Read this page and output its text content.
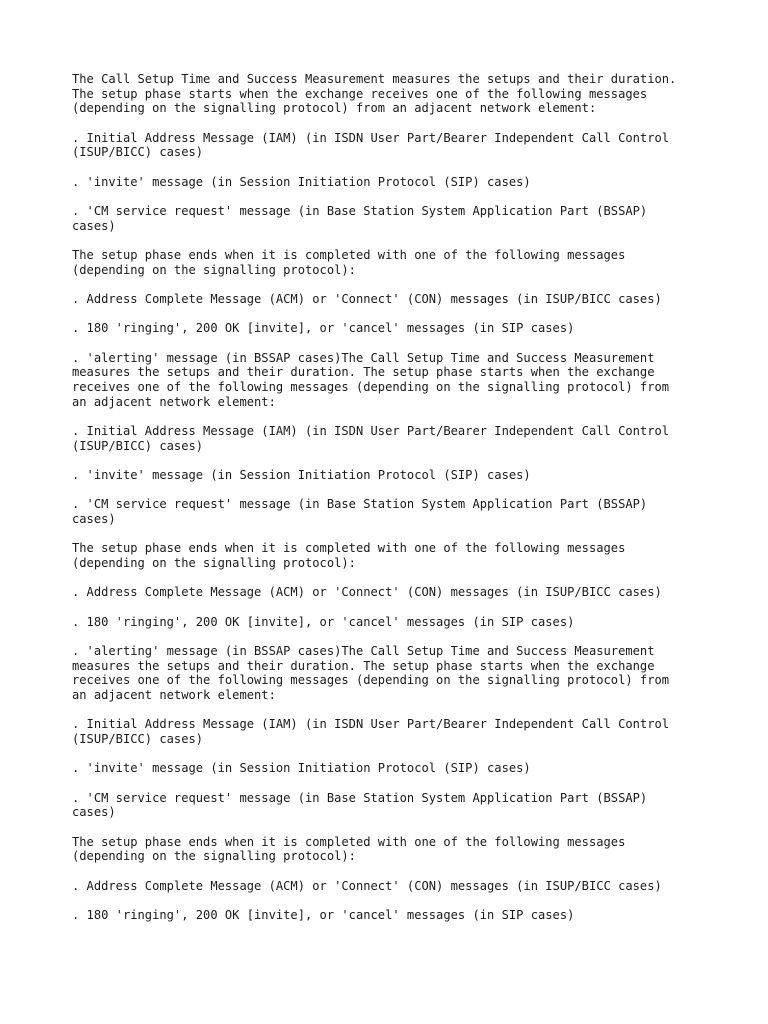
The Call Setup Time and Success Measurement measures the setups and their duration.
The setup phase starts when the exchange receives one of the following messages
(depending on the signalling protocol) from an adjacent network element:

. Initial Address Message (IAM) (in ISDN User Part/Bearer Independent Call Control
(ISUP/BICC) cases)

. 'invite' message (in Session Initiation Protocol (SIP) cases)

. 'CM service request' message (in Base Station System Application Part (BSSAP)
cases)

The setup phase ends when it is completed with one of the following messages
(depending on the signalling protocol):

. Address Complete Message (ACM) or 'Connect' (CON) messages (in ISUP/BICC cases)

. 180 'ringing', 200 OK [invite], or 'cancel' messages (in SIP cases)

. 'alerting' message (in BSSAP cases)The Call Setup Time and Success Measurement
measures the setups and their duration. The setup phase starts when the exchange
receives one of the following messages (depending on the signalling protocol) from
an adjacent network element:

. Initial Address Message (IAM) (in ISDN User Part/Bearer Independent Call Control
(ISUP/BICC) cases)

. 'invite' message (in Session Initiation Protocol (SIP) cases)

. 'CM service request' message (in Base Station System Application Part (BSSAP)
cases)

The setup phase ends when it is completed with one of the following messages
(depending on the signalling protocol):

. Address Complete Message (ACM) or 'Connect' (CON) messages (in ISUP/BICC cases)

. 180 'ringing', 200 OK [invite], or 'cancel' messages (in SIP cases)

. 'alerting' message (in BSSAP cases)The Call Setup Time and Success Measurement
measures the setups and their duration. The setup phase starts when the exchange
receives one of the following messages (depending on the signalling protocol) from
an adjacent network element:

. Initial Address Message (IAM) (in ISDN User Part/Bearer Independent Call Control
(ISUP/BICC) cases)

. 'invite' message (in Session Initiation Protocol (SIP) cases)

. 'CM service request' message (in Base Station System Application Part (BSSAP)
cases)

The setup phase ends when it is completed with one of the following messages
(depending on the signalling protocol):

. Address Complete Message (ACM) or 'Connect' (CON) messages (in ISUP/BICC cases)

. 180 'ringing', 200 OK [invite], or 'cancel' messages (in SIP cases)
